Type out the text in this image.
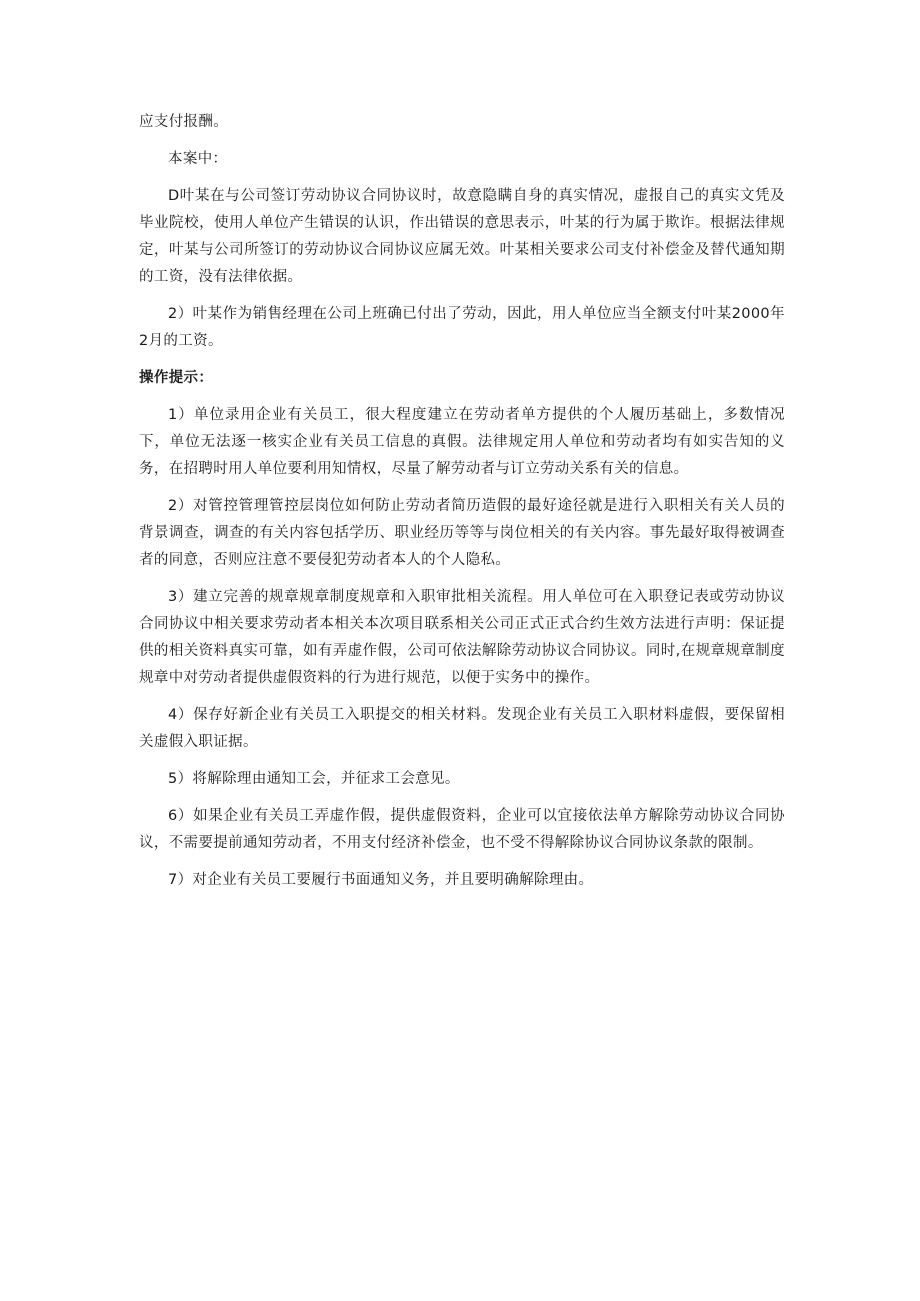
应支付报酬。

本案中：

D叶某在与公司签订劳动协议合同协议时，故意隐瞒自身的真实情况，虚报自己的真实文凭及毕业院校，使用人单位产生错误的认识，作出错误的意思表示，叶某的行为属于欺诈。根据法律规定，叶某与公司所签订的劳动协议合同协议应属无效。叶某相关要求公司支付补偿金及替代通知期的工资，没有法律依据。

2）叶某作为销售经理在公司上班确已付出了劳动，因此，用人单位应当全额支付叶某2000年2月的工资。

操作提示：

1）单位录用企业有关员工，很大程度建立在劳动者单方提供的个人履历基础上，多数情况下，单位无法逐一核实企业有关员工信息的真假。法律规定用人单位和劳动者均有如实告知的义务，在招聘时用人单位要利用知情权，尽量了解劳动者与订立劳动关系有关的信息。

2）对管控管理管控层岗位如何防止劳动者简历造假的最好途径就是进行入职相关有关人员的背景调查，调查的有关内容包括学历、职业经历等等与岗位相关的有关内容。事先最好取得被调查者的同意，否则应注意不要侵犯劳动者本人的个人隐私。

3）建立完善的规章规章制度规章和入职审批相关流程。用人单位可在入职登记表或劳动协议合同协议中相关要求劳动者本相关本次项目联系相关公司正式正式合约生效方法进行声明：保证提供的相关资料真实可靠，如有弄虚作假，公司可依法解除劳动协议合同协议。同时,在规章规章制度规章中对劳动者提供虚假资料的行为进行规范，以便于实务中的操作。

4）保存好新企业有关员工入职提交的相关材料。发现企业有关员工入职材料虚假，要保留相关虚假入职证据。

5）将解除理由通知工会，并征求工会意见。

6）如果企业有关员工弄虚作假，提供虚假资料，企业可以宜接依法单方解除劳动协议合同协议，不需要提前通知劳动者，不用支付经济补偿金，也不受不得解除协议合同协议条款的限制。

7）对企业有关员工要履行书面通知义务，并且要明确解除理由。
